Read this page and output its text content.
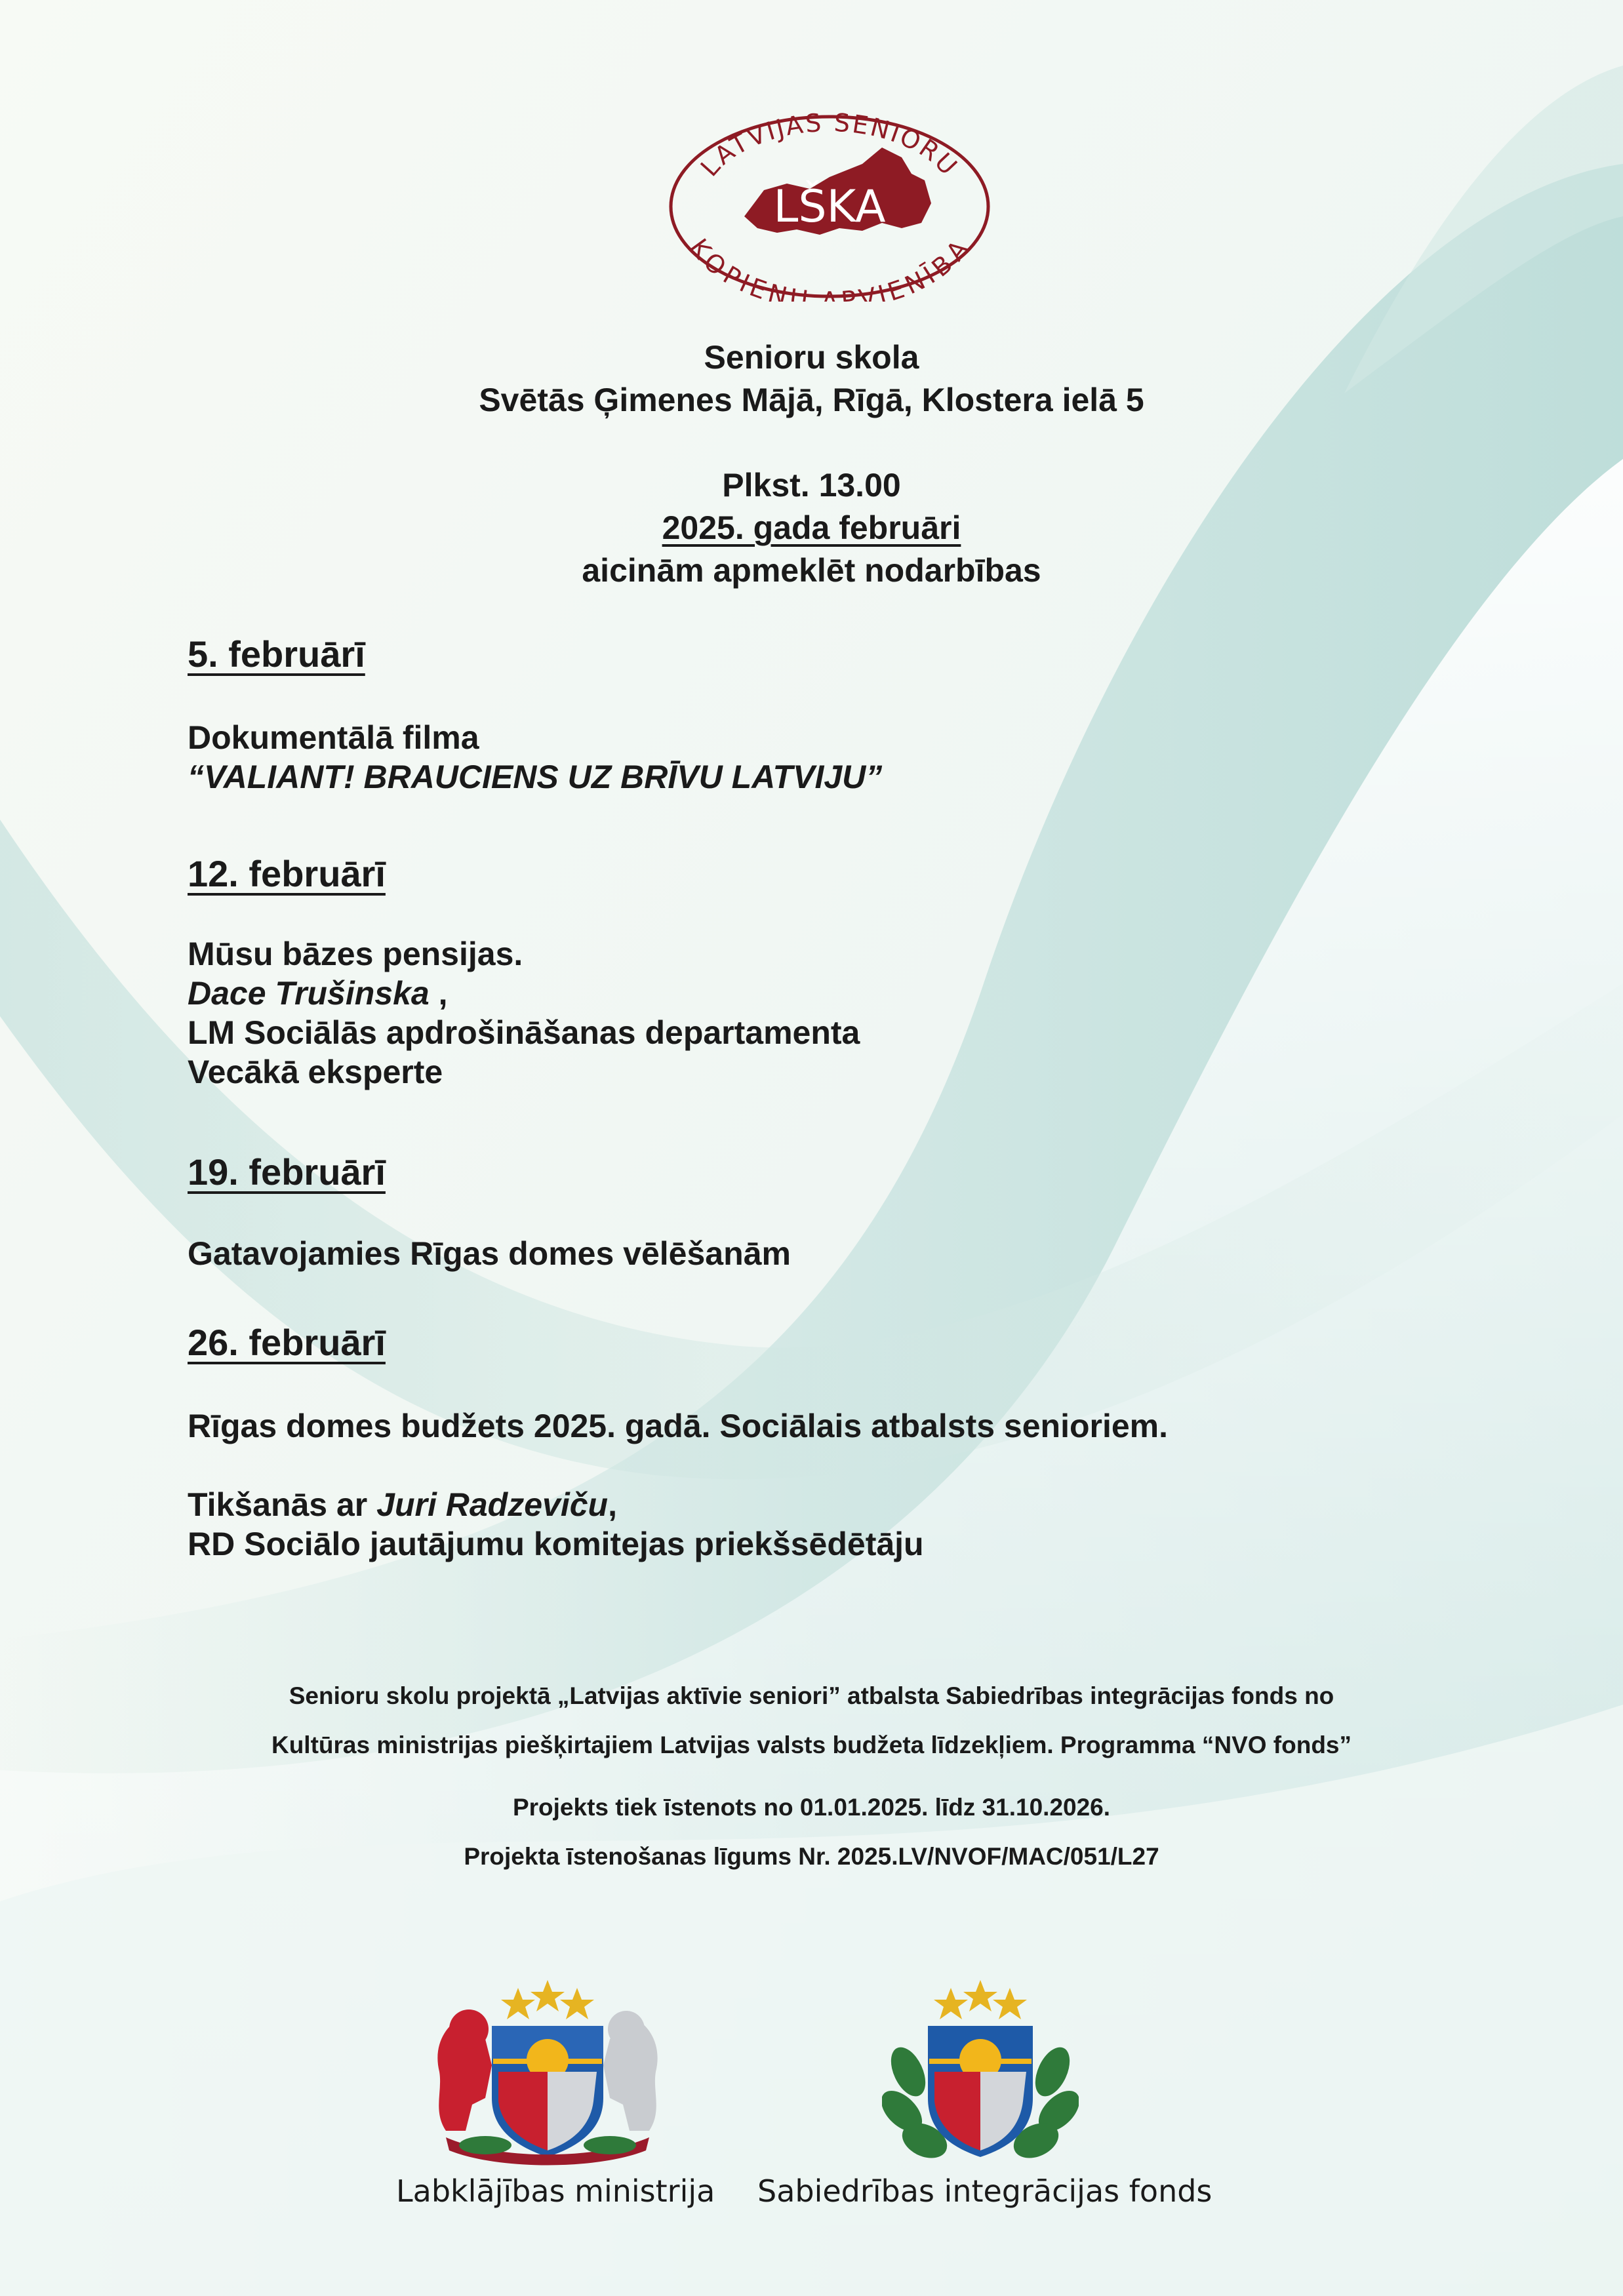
LŠKA
LATVIJAS SENIORU
KOPIENU APVIENĪBA
Senioru skola
Svētās Ģimenes Mājā, Rīgā, Klostera ielā 5
Plkst. 13.00
2025. gada februāri
aicinām apmeklēt nodarbības
5. februārī
Dokumentālā filma
“VALIANT! BRAUCIENS UZ BRĪVU LATVIJU”
12. februārī
Mūsu bāzes pensijas.
Dace Trušinska ,
LM Sociālās apdrošināšanas departamenta
Vecākā eksperte
19. februārī
Gatavojamies Rīgas domes vēlēšanām
26. februārī
Rīgas domes budžets 2025. gadā. Sociālais atbalsts senioriem.
Tikšanās ar Juri Radzeviču,
RD Sociālo jautājumu komitejas priekšsēdētāju
Senioru skolu projektā „Latvijas aktīvie seniori” atbalsta Sabiedrības integrācijas fonds no
Kultūras ministrijas piešķirtajiem Latvijas valsts budžeta līdzekļiem. Programma “NVO fonds”
Projekts tiek īstenots no 01.01.2025. līdz 31.10.2026.
Projekta īstenošanas līgums Nr. 2025.LV/NVOF/MAC/051/L27
Labklājības ministrija Sabiedrības integrācijas fonds
